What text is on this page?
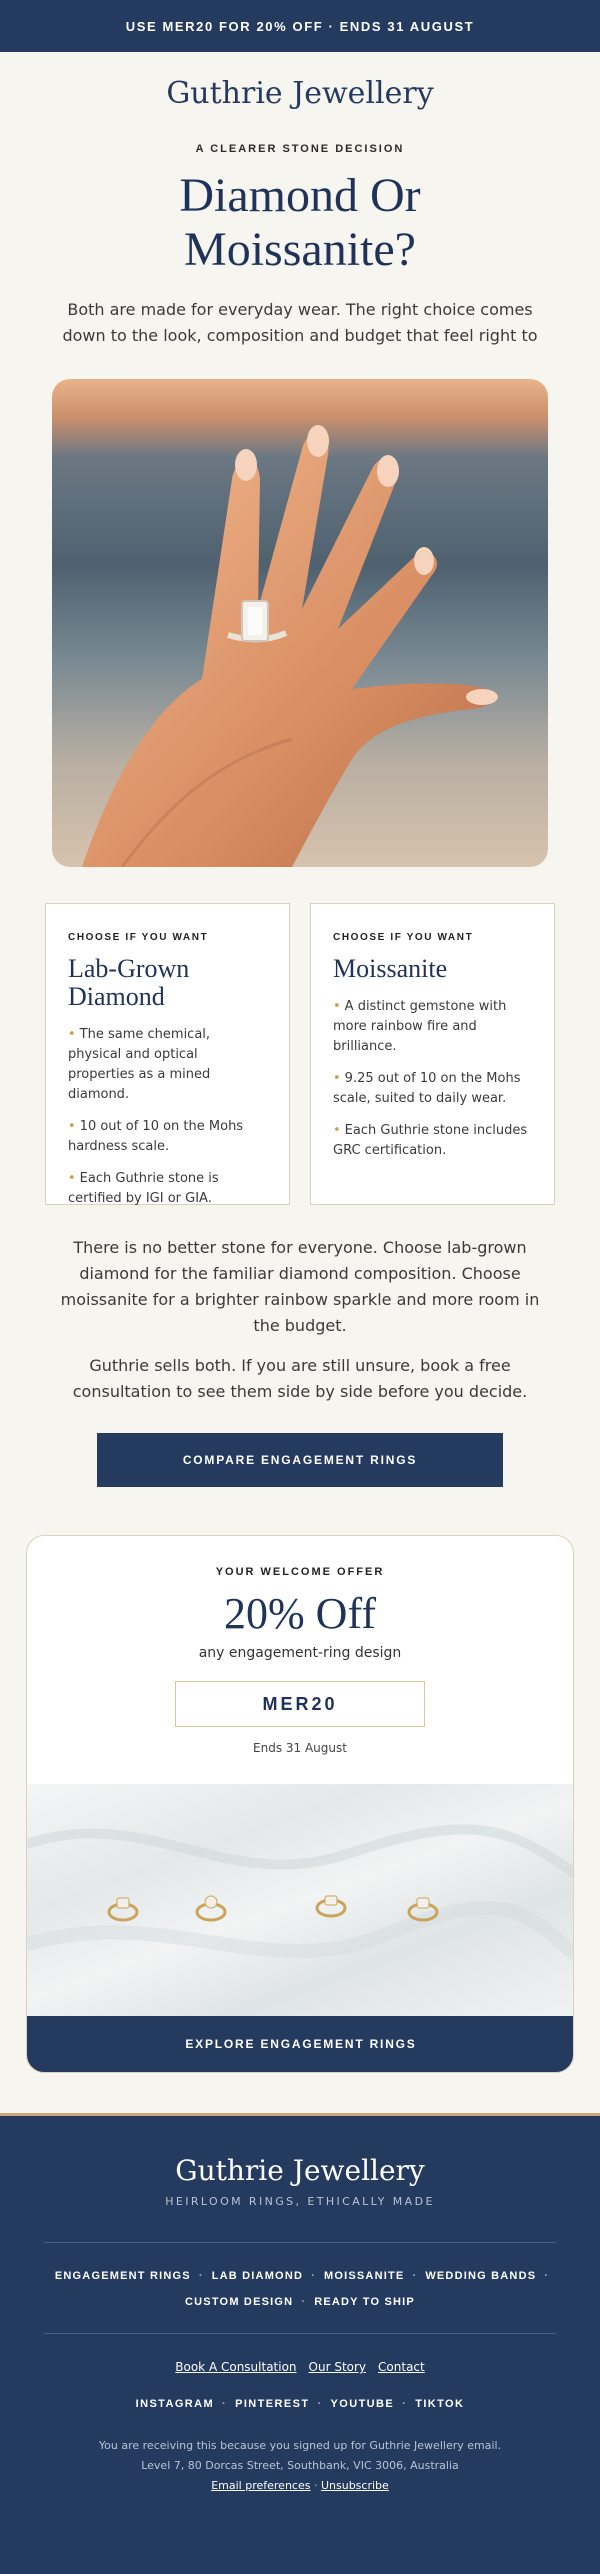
USE MER20 FOR 20% OFF · ENDS 31 AUGUST
Guthrie Jewellery
A CLEARER STONE DECISION
Diamond Or
Moissanite?

Both are made for everyday wear. The right choice comes down to the look, composition and budget that feel right to

CHOOSE IF YOU WANT
Lab-Grown
Diamond
• The same chemical, physical and optical properties as a mined diamond.
• 10 out of 10 on the Mohs hardness scale.
• Each Guthrie stone is certified by IGI or GIA.
CHOOSE IF YOU WANT
Moissanite
• A distinct gemstone with more rainbow fire and brilliance.
• 9.25 out of 10 on the Mohs scale, suited to daily wear.
• Each Guthrie stone includes GRC certification.

There is no better stone for everyone. Choose lab-grown diamond for the familiar diamond composition. Choose moissanite for a brighter rainbow sparkle and more room in the budget.

Guthrie sells both. If you are still unsure, book a free consultation to see them side by side before you decide.

COMPARE ENGAGEMENT RINGS
YOUR WELCOME OFFER
20% Off
any engagement-ring design
MER20
Ends 31 August
EXPLORE ENGAGEMENT RINGS
Guthrie Jewellery
HEIRLOOM RINGS, ETHICALLY MADE
ENGAGEMENT RINGS · LAB DIAMOND · MOISSANITE · WEDDING BANDS ·
CUSTOM DESIGN · READY TO SHIP
Book A Consultation Our Story Contact
INSTAGRAM · PINTEREST · YOUTUBE · TIKTOK
You are receiving this because you signed up for Guthrie Jewellery email.
Level 7, 80 Dorcas Street, Southbank, VIC 3006, Australia
Email preferences · Unsubscribe
